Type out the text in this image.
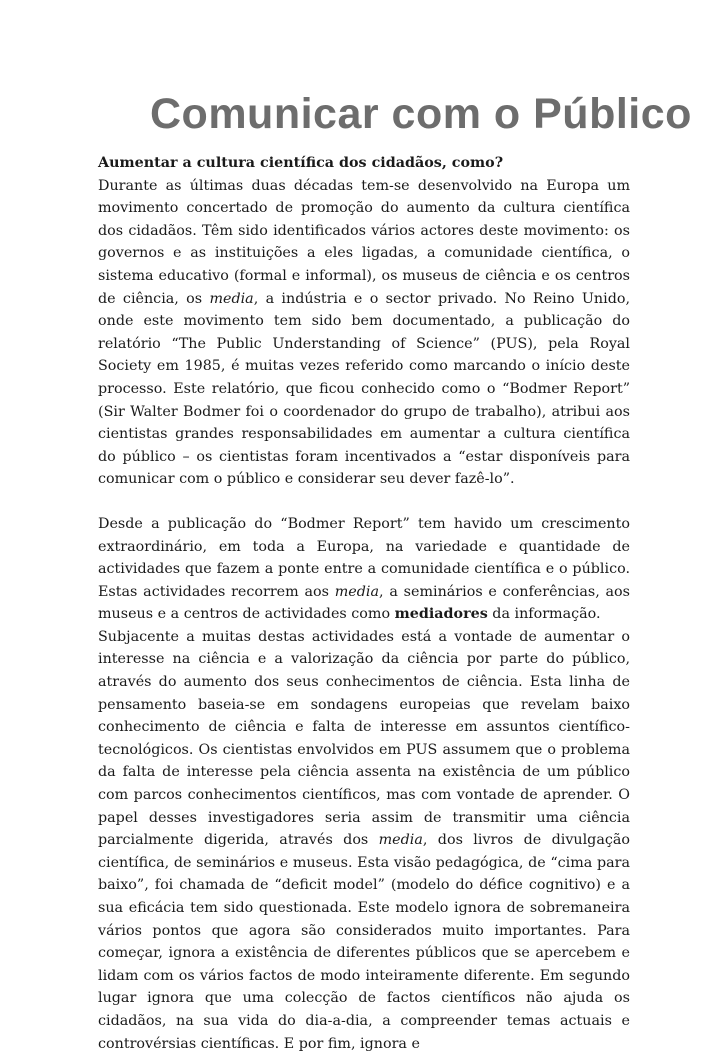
Comunicar com o Público

Aumentar a cultura científica dos cidadãos, como?

Durante as últimas duas décadas tem-se desenvolvido na Europa um movimento concertado de promoção do aumento da cultura científica dos cidadãos. Têm sido identificados vários actores deste movimento: os governos e as instituições a eles ligadas, a comunidade científica, o sistema educativo (formal e informal), os museus de ciência e os centros de ciência, os media, a indústria e o sector privado. No Reino Unido, onde este movimento tem sido bem documentado, a publicação do relatório “The Public Understanding of Science” (PUS), pela Royal Society em 1985, é muitas vezes referido como marcando o início deste processo. Este relatório, que ficou conhecido como o “Bodmer Report” (Sir Walter Bodmer foi o coordenador do grupo de trabalho), atribui aos cientistas grandes responsabilidades em aumentar a cultura científica do público – os cientistas foram incentivados a “estar disponíveis para comunicar com o público e considerar seu dever fazê-lo”.

Desde a publicação do “Bodmer Report” tem havido um crescimento extraordinário, em toda a Europa, na variedade e quantidade de actividades que fazem a ponte entre a comunidade científica e o público. Estas actividades recorrem aos media, a seminários e conferências, aos museus e a centros de actividades como mediadores da informação.

Subjacente a muitas destas actividades está a vontade de aumentar o interesse na ciência e a valorização da ciência por parte do público, através do aumento dos seus conhecimentos de ciência. Esta linha de pensamento baseia-se em sondagens europeias que revelam baixo conhecimento de ciência e falta de interesse em assuntos científico-tecnológicos. Os cientistas envolvidos em PUS assumem que o problema da falta de interesse pela ciência assenta na existência de um público com parcos conhecimentos científicos, mas com vontade de aprender. O papel desses investigadores seria assim de transmitir uma ciência parcialmente digerida, através dos media, dos livros de divulgação científica, de seminários e museus. Esta visão pedagógica, de “cima para baixo”, foi chamada de “deficit model” (modelo do défice cognitivo) e a sua eficácia tem sido questionada. Este modelo ignora de sobremaneira vários pontos que agora são considerados muito importantes. Para começar, ignora a existência de diferentes públicos que se apercebem e lidam com os vários factos de modo inteiramente diferente. Em segundo lugar ignora que uma colecção de factos científicos não ajuda os cidadãos, na sua vida do dia-a-dia, a compreender temas actuais e controvérsias científicas. E por fim, ignora e
